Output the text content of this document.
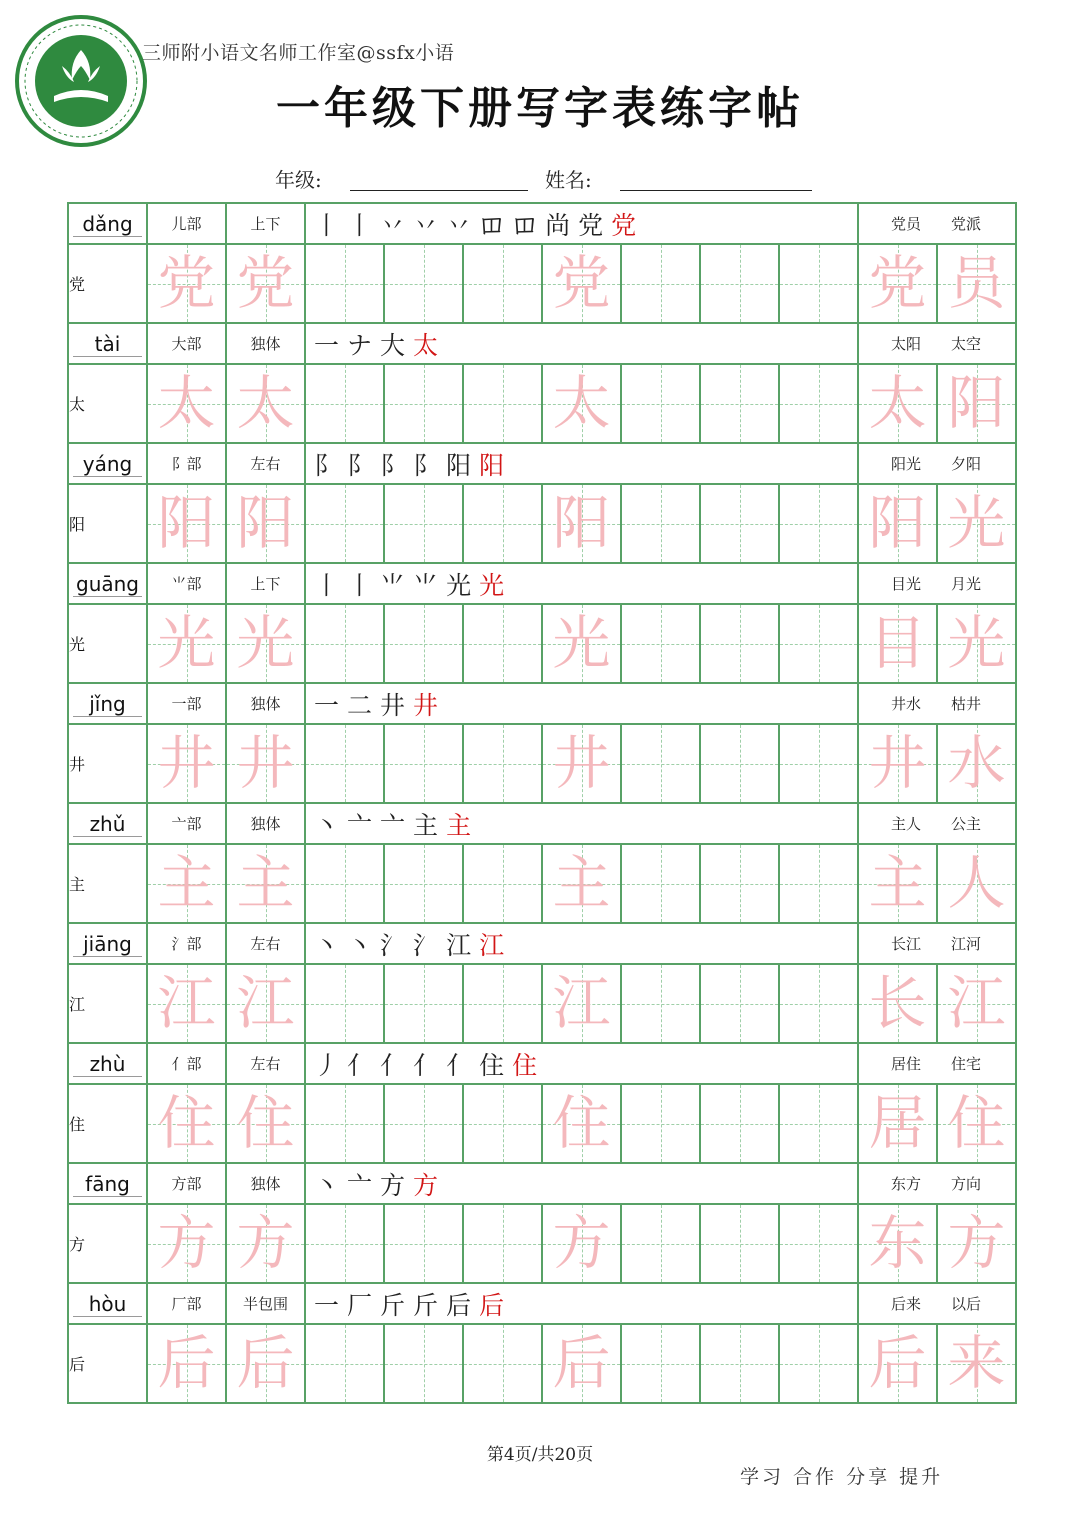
三师附小语文名师工作室@ssfx小语
一年级下册写字表练字帖
年级:	姓名:
dǎng	儿部	上下	丨 丨 丷 丷 丷 𫩏 𫩏 尚 党 党							党员 党派	
党	党	党				党				党	员

tài	大部	独体	一 ナ 大 太							太阳 太空	
太	太	太				太				太	阳

yáng	阝部	左右	阝 阝 阝 阝 阳 阳							阳光 夕阳	
阳	阳	阳				阳				阳	光

guāng	⺌部	上下	丨 丨 ⺌ ⺌ 光 光							目光 月光	
光	光	光				光				目	光

jǐng	一部	独体	一 二 井 井							井水 枯井	
井	井	井				井				井	水

zhǔ	亠部	独体	丶 亠 亠 主 主							主人 公主	
主	主	主				主				主	人

jiāng	氵部	左右	丶 丶 氵 氵 江 江							长江 江河	
江	江	江				江				长	江

zhù	亻部	左右	丿 亻 亻 亻 亻 住 住							居住 住宅	
住	住	住				住				居	住

fāng	方部	独体	丶 亠 方 方							东方 方向	
方	方	方				方				东	方

hòu	厂部	半包围	一 厂 斤 斤 后 后							后来 以后	
后	后	后				后				后	来
第4页/共20页
学习 合作 分享 提升
